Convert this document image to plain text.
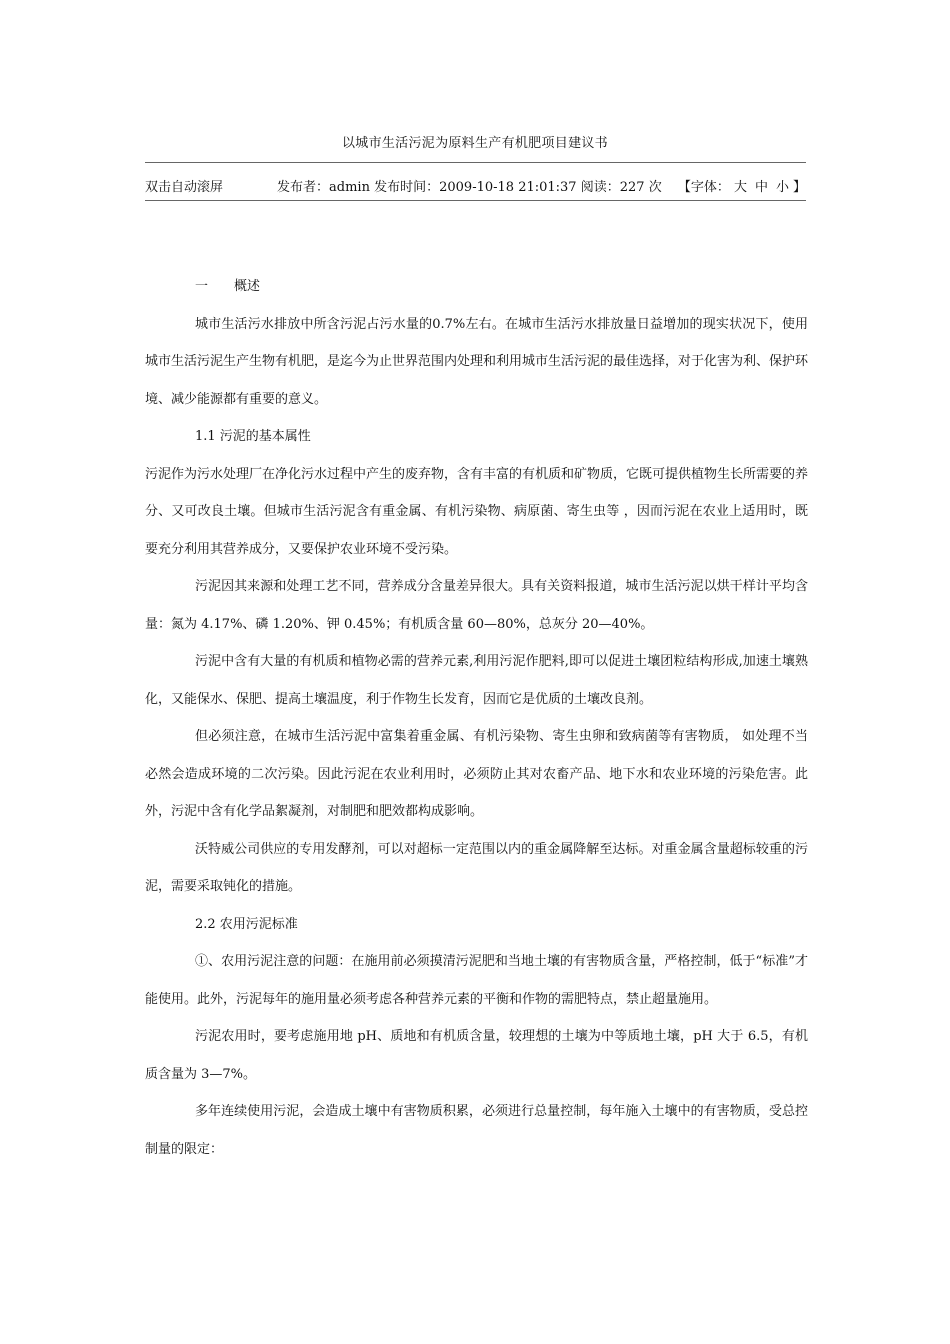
以城市生活污泥为原料生产有机肥项目建议书
双击自动滚屏	发布者：admin 发布时间：2009-10-18 21:01:37 阅读：227 次 【字体： 大 中 小 】

一　　概述

城市生活污水排放中所含污泥占污水量的0.7%左右。在城市生活污水排放量日益增加的现实状况下，使用城市生活污泥生产生物有机肥，是迄今为止世界范围内处理和利用城市生活污泥的最佳选择，对于化害为利、保护环境、减少能源都有重要的意义。

1.1 污泥的基本属性

污泥作为污水处理厂在净化污水过程中产生的废弃物，含有丰富的有机质和矿物质，它既可提供植物生长所需要的养分、又可改良土壤。但城市生活污泥含有重金属、有机污染物、病原菌、寄生虫等 ，因而污泥在农业上适用时，既要充分利用其营养成分，又要保护农业环境不受污染。

污泥因其来源和处理工艺不同，营养成分含量差异很大。具有关资料报道，城市生活污泥以烘干样计平均含量：氮为 4.17%、磷 1.20%、钾 0.45%；有机质含量 60—80%，总灰分 20—40%。

污泥中含有大量的有机质和植物必需的营养元素,利用污泥作肥料,即可以促进土壤团粒结构形成,加速土壤熟化，又能保水、保肥、提高土壤温度，利于作物生长发育，因而它是优质的土壤改良剂。

但必须注意，在城市生活污泥中富集着重金属、有机污染物、寄生虫卵和致病菌等有害物质， 如处理不当必然会造成环境的二次污染。因此污泥在农业利用时，必须防止其对农畜产品、地下水和农业环境的污染危害。此外，污泥中含有化学品絮凝剂，对制肥和肥效都构成影响。

沃特威公司供应的专用发酵剂，可以对超标一定范围以内的重金属降解至达标。对重金属含量超标较重的污泥，需要采取钝化的措施。

2.2 农用污泥标准

①、农用污泥注意的问题：在施用前必须摸清污泥肥和当地土壤的有害物质含量，严格控制，低于“标准”才能使用。此外，污泥每年的施用量必须考虑各种营养元素的平衡和作物的需肥特点，禁止超量施用。

污泥农用时，要考虑施用地 pH、质地和有机质含量，较理想的土壤为中等质地土壤，pH 大于 6.5，有机质含量为 3—7%。

多年连续使用污泥，会造成土壤中有害物质积累，必须进行总量控制，每年施入土壤中的有害物质，受总控制量的限定：
